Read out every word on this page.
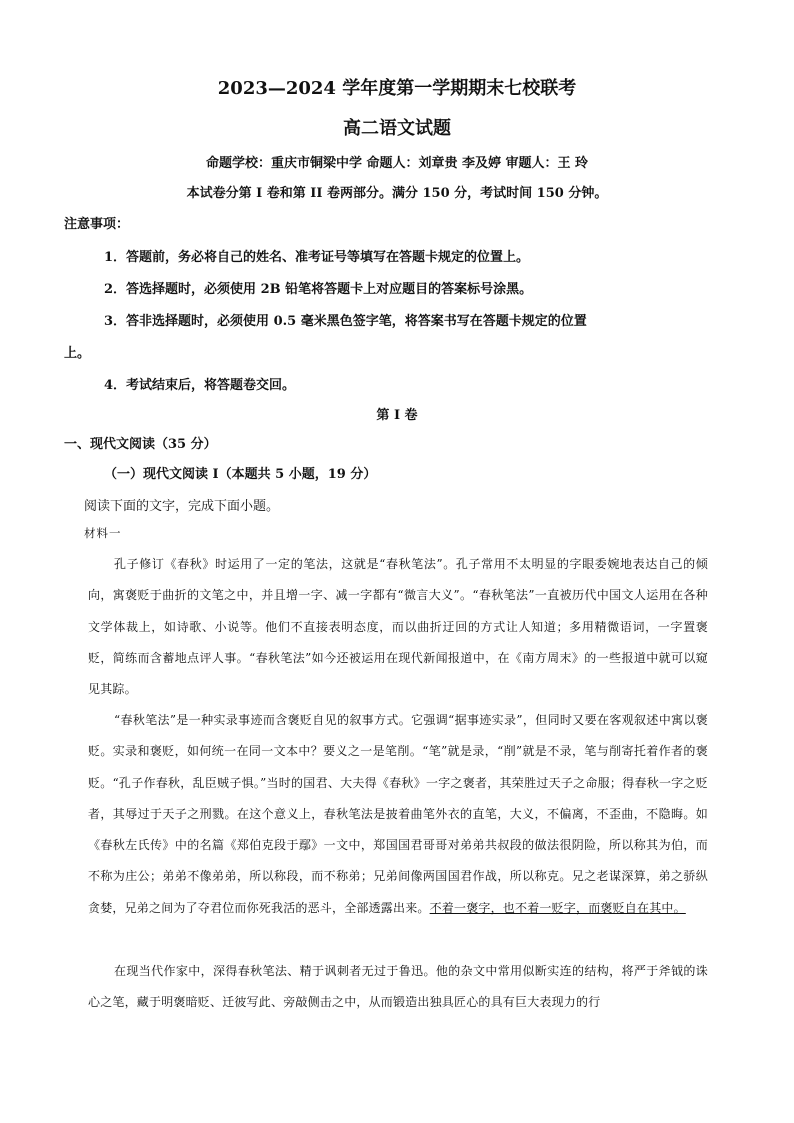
2023—2024 学年度第一学期期末七校联考
高二语文试题
命题学校：重庆市铜梁中学 命题人：刘章贵 李及婷 审题人：王 玲
本试卷分第 I 卷和第 II 卷两部分。满分 150 分，考试时间 150 分钟。
注意事项：
1．答题前，务必将自己的姓名、准考证号等填写在答题卡规定的位置上。
2．答选择题时，必须使用 2B 铅笔将答题卡上对应题目的答案标号涂黑。
3．答非选择题时，必须使用 0.5 毫米黑色签字笔，将答案书写在答题卡规定的位置
上。
4．考试结束后，将答题卷交回。
第 I 卷
一、现代文阅读（35 分）
（一）现代文阅读 I（本题共 5 小题，19 分）
阅读下面的文字，完成下面小题。
材料一
孔子修订《春秋》时运用了一定的笔法，这就是“春秋笔法”。孔子常用不太明显的字眼委婉地表达自己的倾向，寓褒贬于曲折的文笔之中，并且增一字、减一字都有“微言大义”。“春秋笔法”一直被历代中国文人运用在各种文学体裁上，如诗歌、小说等。他们不直接表明态度，而以曲折迂回的方式让人知道；多用精微语词，一字置褒贬，简练而含蓄地点评人事。“春秋笔法”如今还被运用在现代新闻报道中，在《南方周末》的一些报道中就可以窥见其踪。
“春秋笔法”是一种实录事迹而含褒贬自见的叙事方式。它强调“据事迹实录”，但同时又要在客观叙述中寓以褒贬。实录和褒贬，如何统一在同一文本中？要义之一是笔削。“笔”就是录，“削”就是不录，笔与削寄托着作者的褒贬。“孔子作春秋，乱臣贼子惧。”当时的国君、大夫得《春秋》一字之褒者，其荣胜过天子之命服；得春秋一字之贬者，其辱过于天子之刑戮。在这个意义上，春秋笔法是披着曲笔外衣的直笔，大义，不偏离，不歪曲，不隐晦。如《春秋左氏传》中的名篇《郑伯克段于鄢》一文中，郑国国君哥哥对弟弟共叔段的做法很阴险，所以称其为伯，而不称为庄公；弟弟不像弟弟，所以称段，而不称弟；兄弟间像两国国君作战，所以称克。兄之老谋深算，弟之骄纵贪婪，兄弟之间为了夺君位而你死我活的恶斗，全部透露出来。不着一褒字，也不着一贬字，而褒贬自在其中。
在现当代作家中，深得春秋笔法、精于讽刺者无过于鲁迅。他的杂文中常用似断实连的结构，将严于斧钺的诛心之笔，藏于明褒暗贬、迁彼写此、旁敲侧击之中，从而锻造出独具匠心的具有巨大表现力的行
